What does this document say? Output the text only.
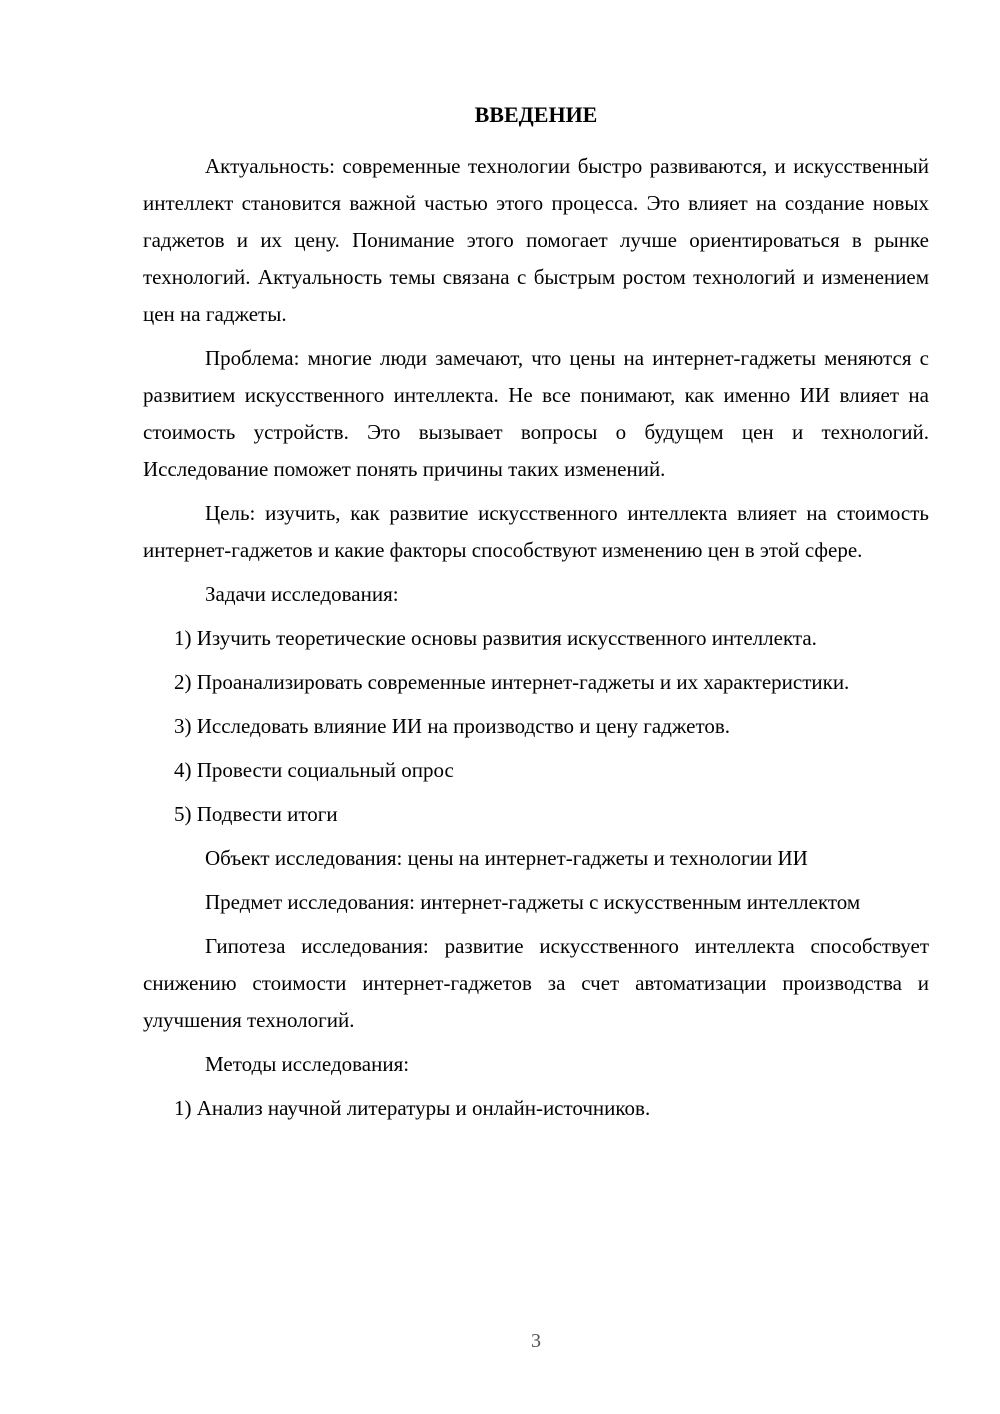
ВВЕДЕНИЕ

Актуальность: современные технологии быстро развиваются, и искусственный интеллект становится важной частью этого процесса. Это влияет на создание новых гаджетов и их цену. Понимание этого помогает лучше ориентироваться в рынке технологий. Актуальность темы связана с быстрым ростом технологий и изменением цен на гаджеты.

Проблема: многие люди замечают, что цены на интернет-гаджеты меняются с развитием искусственного интеллекта. Не все понимают, как именно ИИ влияет на стоимость устройств. Это вызывает вопросы о будущем цен и технологий. Исследование поможет понять причины таких изменений.

Цель: изучить, как развитие искусственного интеллекта влияет на стоимость интернет-гаджетов и какие факторы способствуют изменению цен в этой сфере.

Задачи исследования:

1) Изучить теоретические основы развития искусственного интеллекта.

2) Проанализировать современные интернет-гаджеты и их характеристики.

3) Исследовать влияние ИИ на производство и цену гаджетов.

4) Провести социальный опрос

5) Подвести итоги

Объект исследования: цены на интернет-гаджеты и технологии ИИ

Предмет исследования: интернет-гаджеты с искусственным интеллектом

Гипотеза исследования: развитие искусственного интеллекта способствует снижению стоимости интернет-гаджетов за счет автоматизации производства и улучшения технологий.

Методы исследования:

1) Анализ научной литературы и онлайн-источников.

3
